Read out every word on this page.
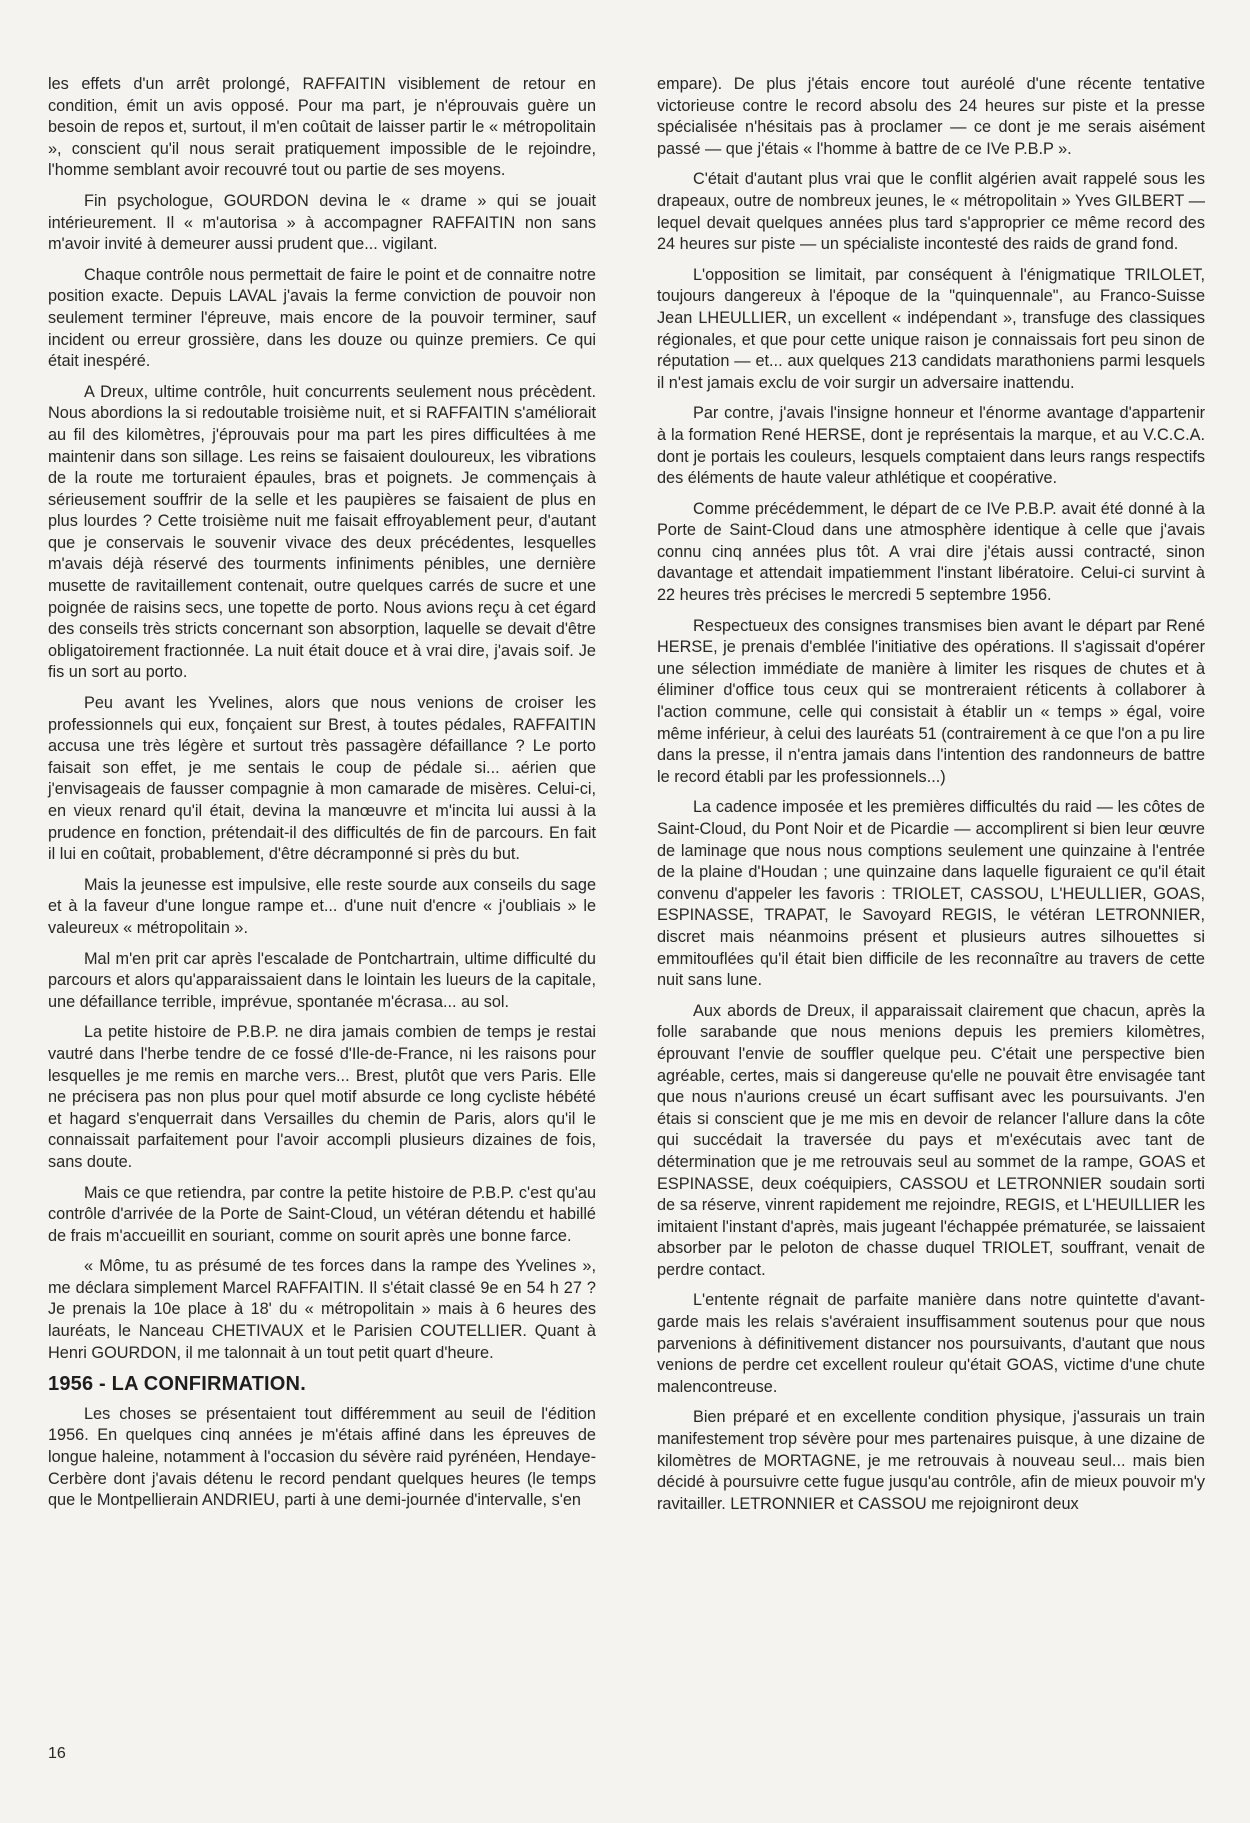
les effets d'un arrêt prolongé, RAFFAITIN visiblement de retour en condition, émit un avis opposé. Pour ma part, je n'éprouvais guère un besoin de repos et, surtout, il m'en coûtait de laisser partir le « métropolitain », conscient qu'il nous serait pratiquement impossible de le rejoindre, l'homme semblant avoir recouvré tout ou partie de ses moyens.

Fin psychologue, GOURDON devina le « drame » qui se jouait intérieurement. Il « m'autorisa » à accompagner RAFFAITIN non sans m'avoir invité à demeurer aussi prudent que... vigilant.

Chaque contrôle nous permettait de faire le point et de connaitre notre position exacte. Depuis LAVAL j'avais la ferme conviction de pouvoir non seulement terminer l'épreuve, mais encore de la pouvoir terminer, sauf incident ou erreur grossière, dans les douze ou quinze premiers. Ce qui était inespéré.

A Dreux, ultime contrôle, huit concurrents seulement nous précèdent. Nous abordions la si redoutable troisième nuit, et si RAFFAITIN s'améliorait au fil des kilomètres, j'éprouvais pour ma part les pires difficultées à me maintenir dans son sillage. Les reins se faisaient douloureux, les vibrations de la route me torturaient épaules, bras et poignets. Je commençais à sérieusement souffrir de la selle et les paupières se faisaient de plus en plus lourdes ? Cette troisième nuit me faisait effroyablement peur, d'autant que je conservais le souvenir vivace des deux précédentes, lesquelles m'avais déjà réservé des tourments infiniments pénibles, une dernière musette de ravitaillement contenait, outre quelques carrés de sucre et une poignée de raisins secs, une topette de porto. Nous avions reçu à cet égard des conseils très stricts concernant son absorption, laquelle se devait d'être obligatoirement fractionnée. La nuit était douce et à vrai dire, j'avais soif. Je fis un sort au porto.

Peu avant les Yvelines, alors que nous venions de croiser les professionnels qui eux, fonçaient sur Brest, à toutes pédales, RAFFAITIN accusa une très légère et surtout très passagère défaillance ? Le porto faisait son effet, je me sentais le coup de pédale si... aérien que j'envisageais de fausser compagnie à mon camarade de misères. Celui-ci, en vieux renard qu'il était, devina la manœuvre et m'incita lui aussi à la prudence en fonction, prétendait-il des difficultés de fin de parcours. En fait il lui en coûtait, probablement, d'être décramponné si près du but.

Mais la jeunesse est impulsive, elle reste sourde aux conseils du sage et à la faveur d'une longue rampe et... d'une nuit d'encre « j'oubliais » le valeureux « métropolitain ».

Mal m'en prit car après l'escalade de Pontchartrain, ultime difficulté du parcours et alors qu'apparaissaient dans le lointain les lueurs de la capitale, une défaillance terrible, imprévue, spontanée m'écrasa... au sol.

La petite histoire de P.B.P. ne dira jamais combien de temps je restai vautré dans l'herbe tendre de ce fossé d'Ile-de-France, ni les raisons pour lesquelles je me remis en marche vers... Brest, plutôt que vers Paris. Elle ne précisera pas non plus pour quel motif absurde ce long cycliste hébété et hagard s'enquerrait dans Versailles du chemin de Paris, alors qu'il le connaissait parfaitement pour l'avoir accompli plusieurs dizaines de fois, sans doute.

Mais ce que retiendra, par contre la petite histoire de P.B.P. c'est qu'au contrôle d'arrivée de la Porte de Saint-Cloud, un vétéran détendu et habillé de frais m'accueillit en souriant, comme on sourit après une bonne farce.

« Môme, tu as présumé de tes forces dans la rampe des Yvelines », me déclara simplement Marcel RAFFAITIN. Il s'était classé 9e en 54 h 27 ? Je prenais la 10e place à 18' du « métropolitain » mais à 6 heures des lauréats, le Nanceau CHETIVAUX et le Parisien COUTELLIER. Quant à Henri GOURDON, il me talonnait à un tout petit quart d'heure.

1956 - LA CONFIRMATION.

Les choses se présentaient tout différemment au seuil de l'édition 1956. En quelques cinq années je m'étais affiné dans les épreuves de longue haleine, notamment à l'occasion du sévère raid pyrénéen, Hendaye-Cerbère dont j'avais détenu le record pendant quelques heures (le temps que le Montpellierain ANDRIEU, parti à une demi-journée d'intervalle, s'en

empare). De plus j'étais encore tout auréolé d'une récente tentative victorieuse contre le record absolu des 24 heures sur piste et la presse spécialisée n'hésitais pas à proclamer — ce dont je me serais aisément passé — que j'étais « l'homme à battre de ce IVe P.B.P ».

C'était d'autant plus vrai que le conflit algérien avait rappelé sous les drapeaux, outre de nombreux jeunes, le « métropolitain » Yves GILBERT — lequel devait quelques années plus tard s'approprier ce même record des 24 heures sur piste — un spécialiste incontesté des raids de grand fond.

L'opposition se limitait, par conséquent à l'énigmatique TRILOLET, toujours dangereux à l'époque de la "quinquennale", au Franco-Suisse Jean LHEULLIER, un excellent « indépendant », transfuge des classiques régionales, et que pour cette unique raison je connaissais fort peu sinon de réputation — et... aux quelques 213 candidats marathoniens parmi lesquels il n'est jamais exclu de voir surgir un adversaire inattendu.

Par contre, j'avais l'insigne honneur et l'énorme avantage d'appartenir à la formation René HERSE, dont je représentais la marque, et au V.C.C.A. dont je portais les couleurs, lesquels comptaient dans leurs rangs respectifs des éléments de haute valeur athlétique et coopérative.

Comme précédemment, le départ de ce IVe P.B.P. avait été donné à la Porte de Saint-Cloud dans une atmosphère identique à celle que j'avais connu cinq années plus tôt. A vrai dire j'étais aussi contracté, sinon davantage et attendait impatiemment l'instant libératoire. Celui-ci survint à 22 heures très précises le mercredi 5 septembre 1956.

Respectueux des consignes transmises bien avant le départ par René HERSE, je prenais d'emblée l'initiative des opérations. Il s'agissait d'opérer une sélection immédiate de manière à limiter les risques de chutes et à éliminer d'office tous ceux qui se montreraient réticents à collaborer à l'action commune, celle qui consistait à établir un « temps » égal, voire même inférieur, à celui des lauréats 51 (contrairement à ce que l'on a pu lire dans la presse, il n'entra jamais dans l'intention des randonneurs de battre le record établi par les professionnels...)

La cadence imposée et les premières difficultés du raid — les côtes de Saint-Cloud, du Pont Noir et de Picardie — accomplirent si bien leur œuvre de laminage que nous nous comptions seulement une quinzaine à l'entrée de la plaine d'Houdan ; une quinzaine dans laquelle figuraient ce qu'il était convenu d'appeler les favoris : TRIOLET, CASSOU, L'HEULLIER, GOAS, ESPINASSE, TRAPAT, le Savoyard REGIS, le vétéran LETRONNIER, discret mais néanmoins présent et plusieurs autres silhouettes si emmitouflées qu'il était bien difficile de les reconnaître au travers de cette nuit sans lune.

Aux abords de Dreux, il apparaissait clairement que chacun, après la folle sarabande que nous menions depuis les premiers kilomètres, éprouvant l'envie de souffler quelque peu. C'était une perspective bien agréable, certes, mais si dangereuse qu'elle ne pouvait être envisagée tant que nous n'aurions creusé un écart suffisant avec les poursuivants. J'en étais si conscient que je me mis en devoir de relancer l'allure dans la côte qui succédait la traversée du pays et m'exécutais avec tant de détermination que je me retrouvais seul au sommet de la rampe, GOAS et ESPINASSE, deux coéquipiers, CASSOU et LETRONNIER soudain sorti de sa réserve, vinrent rapidement me rejoindre, REGIS, et L'HEUILLIER les imitaient l'instant d'après, mais jugeant l'échappée prématurée, se laissaient absorber par le peloton de chasse duquel TRIOLET, souffrant, venait de perdre contact.

L'entente régnait de parfaite manière dans notre quintette d'avant-garde mais les relais s'avéraient insuffisamment soutenus pour que nous parvenions à définitivement distancer nos poursuivants, d'autant que nous venions de perdre cet excellent rouleur qu'était GOAS, victime d'une chute malencontreuse.

Bien préparé et en excellente condition physique, j'assurais un train manifestement trop sévère pour mes partenaires puisque, à une dizaine de kilomètres de MORTAGNE, je me retrouvais à nouveau seul... mais bien décidé à poursuivre cette fugue jusqu'au contrôle, afin de mieux pouvoir m'y ravitailler. LETRONNIER et CASSOU me rejoigniront deux

16
